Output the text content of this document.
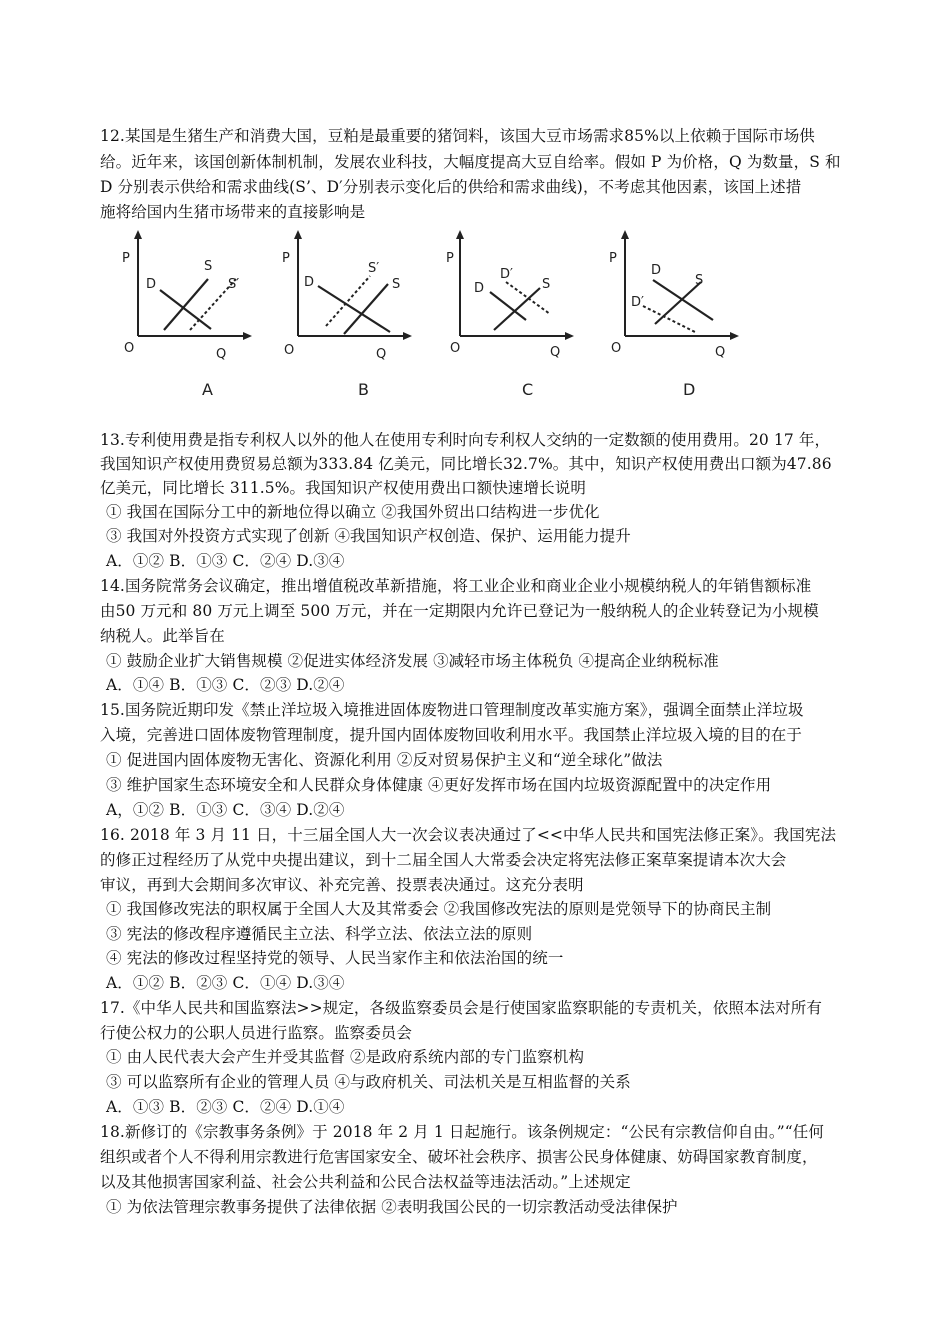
12.某国是生猪生产和消费大国，豆粕是最重要的猪饲料，该国大豆市场需求85%以上依赖于国际市场供
给。近年来，该国创新体制机制，发展农业科技，大幅度提高大豆自给率。假如 P 为价格，Q 为数量，S 和
D 分别表示供给和需求曲线(S’、D′分别表示变化后的供给和需求曲线)，不考虑其他因素，该国上述措
施将给国内生猪市场带来的直接影响是
P
O	Q
D
S
S′
A
P
O	Q
D
S′
S
B
P
O	Q
D
D′
S
C
P
O	Q
D
S
D′
D
13.专利使用费是指专利权人以外的他人在使用专利时向专利权人交纳的一定数额的使用费用。20 17 年，
我国知识产权使用费贸易总额为333.84 亿美元，同比增长32.7%。其中，知识产权使用费出口额为47.86
亿美元，同比增长 311.5%。我国知识产权使用费出口额快速增长说明
① 我国在国际分工中的新地位得以确立 ②我国外贸出口结构进一步优化
③ 我国对外投资方式实现了创新 ④我国知识产权创造、保护、运用能力提升
A．①② B．①③ C．②④ D.③④
14.国务院常务会议确定，推出增值税改革新措施，将工业企业和商业企业小规模纳税人的年销售额标准
由50 万元和 80 万元上调至 500 万元，并在一定期限内允许已登记为一般纳税人的企业转登记为小规模
纳税人。此举旨在
① 鼓励企业扩大销售规模 ②促进实体经济发展 ③减轻市场主体税负 ④提高企业纳税标准
A．①④ B．①③ C．②③ D.②④
15.国务院近期印发《禁止洋垃圾入境推进固体废物进口管理制度改革实施方案》，强调全面禁止洋垃圾
入境，完善进口固体废物管理制度，提升国内固体废物回收利用水平。我国禁止洋垃圾入境的目的在于
① 促进国内固体废物无害化、资源化利用 ②反对贸易保护主义和“逆全球化”做法
③ 维护国家生态环境安全和人民群众身体健康 ④更好发挥市场在国内垃圾资源配置中的决定作用
A，①② B．①③ C．③④ D.②④
16. 2018 年 3 月 11 日，十三届全国人大一次会议表决通过了<<中华人民共和国宪法修正案》。我国宪法
的修正过程经历了从党中央提出建议，到十二届全国人大常委会决定将宪法修正案草案提请本次大会
审议，再到大会期间多次审议、补充完善、投票表决通过。这充分表明
① 我国修改宪法的职权属于全国人大及其常委会 ②我国修改宪法的原则是党领导下的协商民主制
③ 宪法的修改程序遵循民主立法、科学立法、依法立法的原则
④ 宪法的修改过程坚持党的领导、人民当家作主和依法治国的统一
A．①② B．②③ C．①④ D.③④
17.《中华人民共和国监察法>>规定，各级监察委员会是行使国家监察职能的专责机关，依照本法对所有
行使公权力的公职人员进行监察。监察委员会
① 由人民代表大会产生并受其监督 ②是政府系统内部的专门监察机构
③ 可以监察所有企业的管理人员 ④与政府机关、司法机关是互相监督的关系
A．①③ B．②③ C．②④ D.①④
18.新修订的《宗教事务条例》于 2018 年 2 月 1 日起施行。该条例规定：“公民有宗教信仰自由。”“任何
组织或者个人不得利用宗教进行危害国家安全、破坏社会秩序、损害公民身体健康、妨碍国家教育制度，
以及其他损害国家利益、社会公共利益和公民合法权益等违法活动。”上述规定
① 为依法管理宗教事务提供了法律依据 ②表明我国公民的一切宗教活动受法律保护
